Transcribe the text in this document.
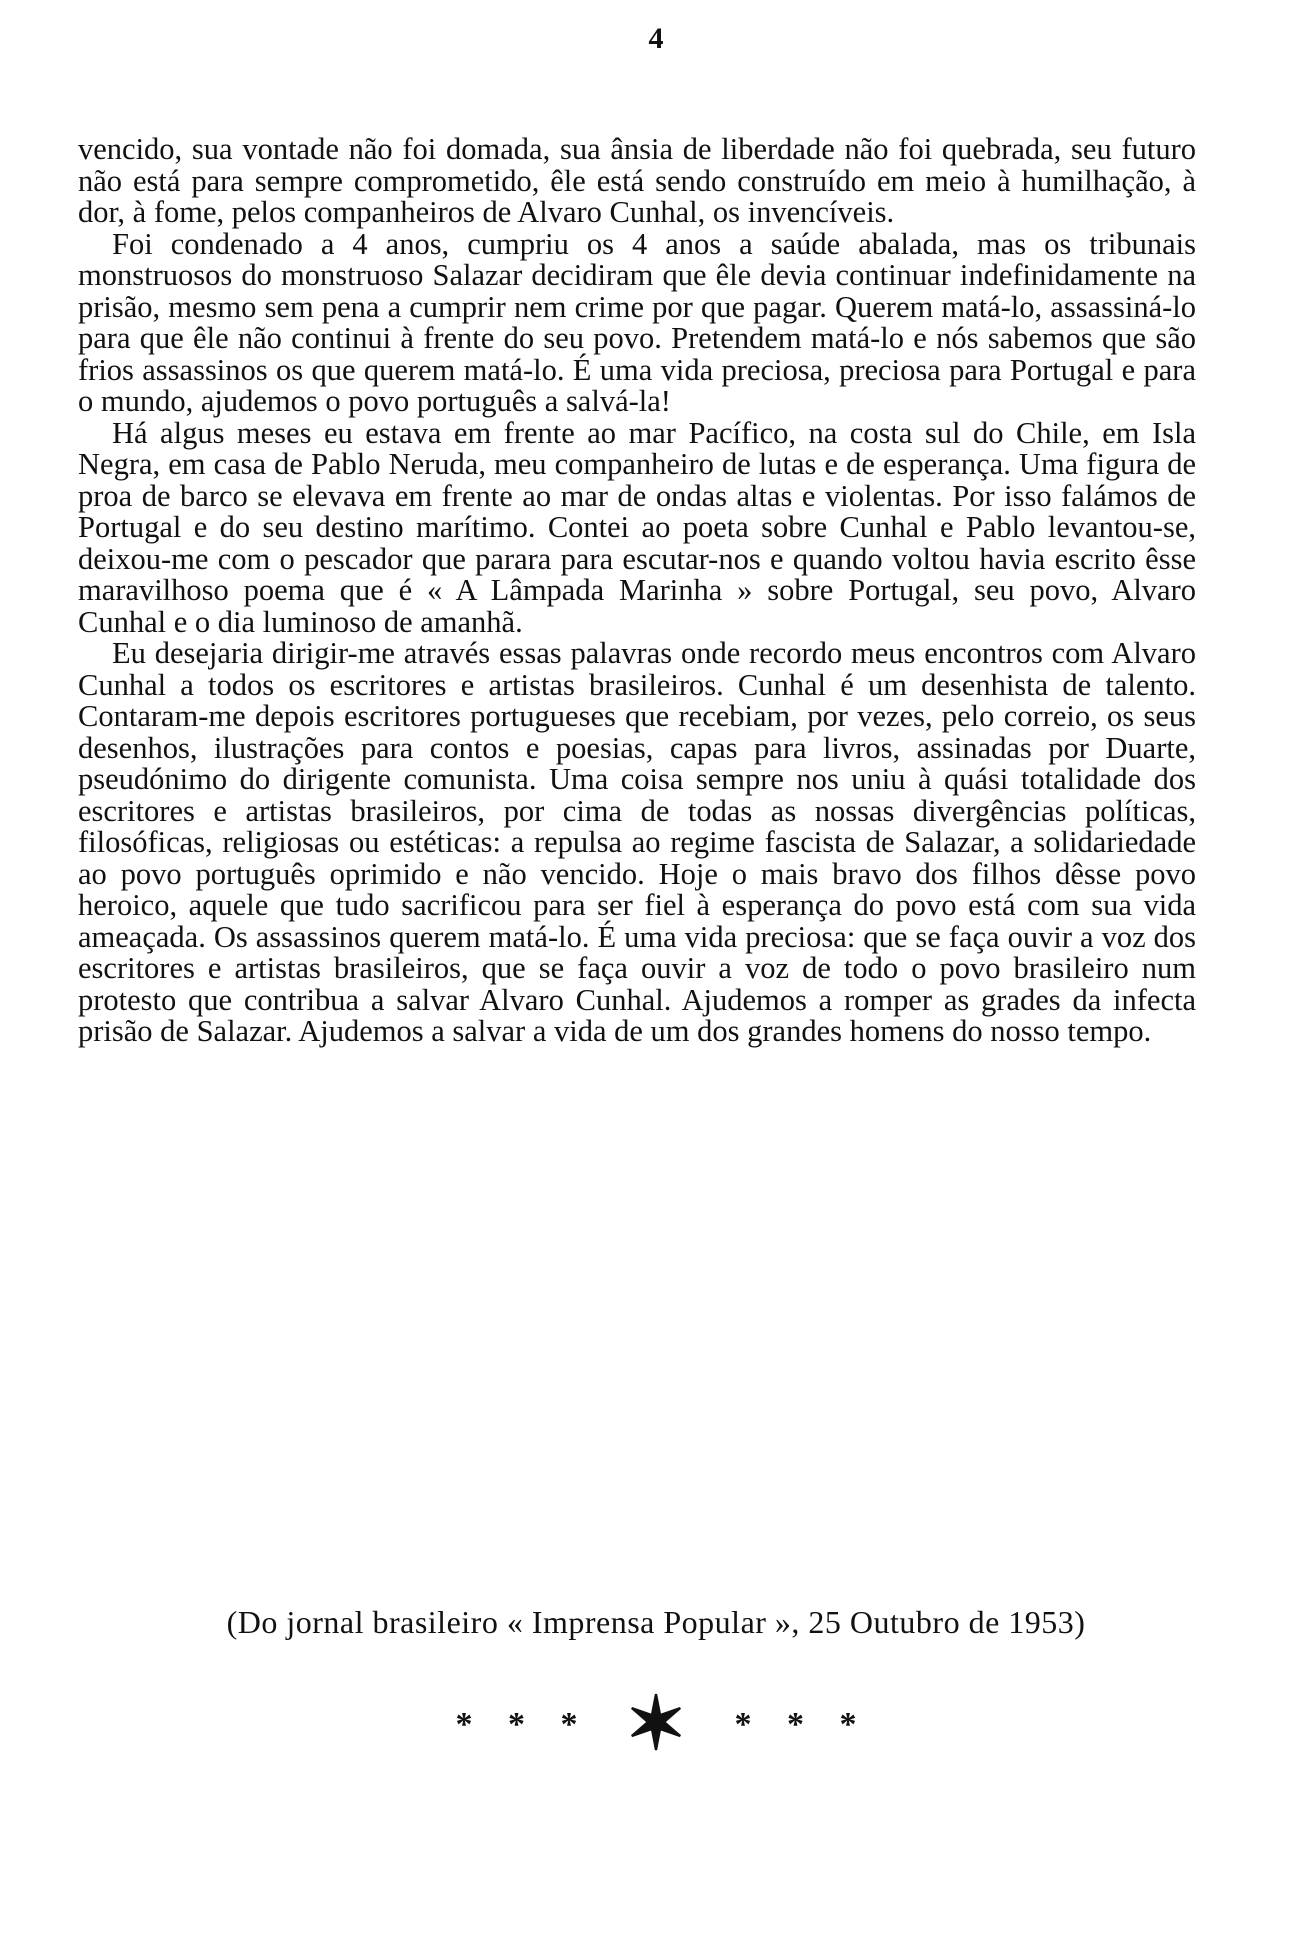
4

vencido, sua vontade não foi domada, sua ânsia de liberdade não foi quebrada, seu futuro não está para sempre comprometido, êle está sendo construído em meio à humilhação, à dor, à fome, pelos companheiros de Alvaro Cunhal, os invencíveis.

Foi condenado a 4 anos, cumpriu os 4 anos a saúde abalada, mas os tribunais monstruosos do monstruoso Salazar decidiram que êle devia continuar indefinidamente na prisão, mesmo sem pena a cumprir nem crime por que pagar. Querem matá-lo, assassiná-lo para que êle não continui à frente do seu povo. Pretendem matá-lo e nós sabemos que são frios assassinos os que querem matá-lo. É uma vida preciosa, preciosa para Portugal e para o mundo, ajudemos o povo português a salvá-la!

Há algus meses eu estava em frente ao mar Pacífico, na costa sul do Chile, em Isla Negra, em casa de Pablo Neruda, meu companheiro de lutas e de esperança. Uma figura de proa de barco se elevava em frente ao mar de ondas altas e violentas. Por isso falámos de Portugal e do seu destino marítimo. Contei ao poeta sobre Cunhal e Pablo levantou-se, deixou-me com o pescador que parara para escutar-nos e quando voltou havia escrito êsse maravilhoso poema que é « A Lâmpada Marinha » sobre Portugal, seu povo, Alvaro Cunhal e o dia luminoso de amanhã.

Eu desejaria dirigir-me através essas palavras onde recordo meus encontros com Alvaro Cunhal a todos os escritores e artistas brasileiros. Cunhal é um desenhista de talento. Contaram-me depois escritores portugueses que recebiam, por vezes, pelo correio, os seus desenhos, ilustrações para contos e poesias, capas para livros, assinadas por Duarte, pseudónimo do dirigente comunista. Uma coisa sempre nos uniu à quási totalidade dos escritores e artistas brasileiros, por cima de todas as nossas divergências políticas, filosóficas, religiosas ou estéticas: a repulsa ao regime fascista de Salazar, a solidariedade ao povo português oprimido e não vencido. Hoje o mais bravo dos filhos dêsse povo heroico, aquele que tudo sacrificou para ser fiel à esperança do povo está com sua vida ameaçada. Os assassinos querem matá-lo. É uma vida preciosa: que se faça ouvir a voz dos escritores e artistas brasileiros, que se faça ouvir a voz de todo o povo brasileiro num protesto que contribua a salvar Alvaro Cunhal. Ajudemos a romper as grades da infecta prisão de Salazar. Ajudemos a salvar a vida de um dos grandes homens do nosso tempo.

(Do jornal brasileiro « Imprensa Popular », 25 Outubro de 1953)
* * * ✶ * * *
